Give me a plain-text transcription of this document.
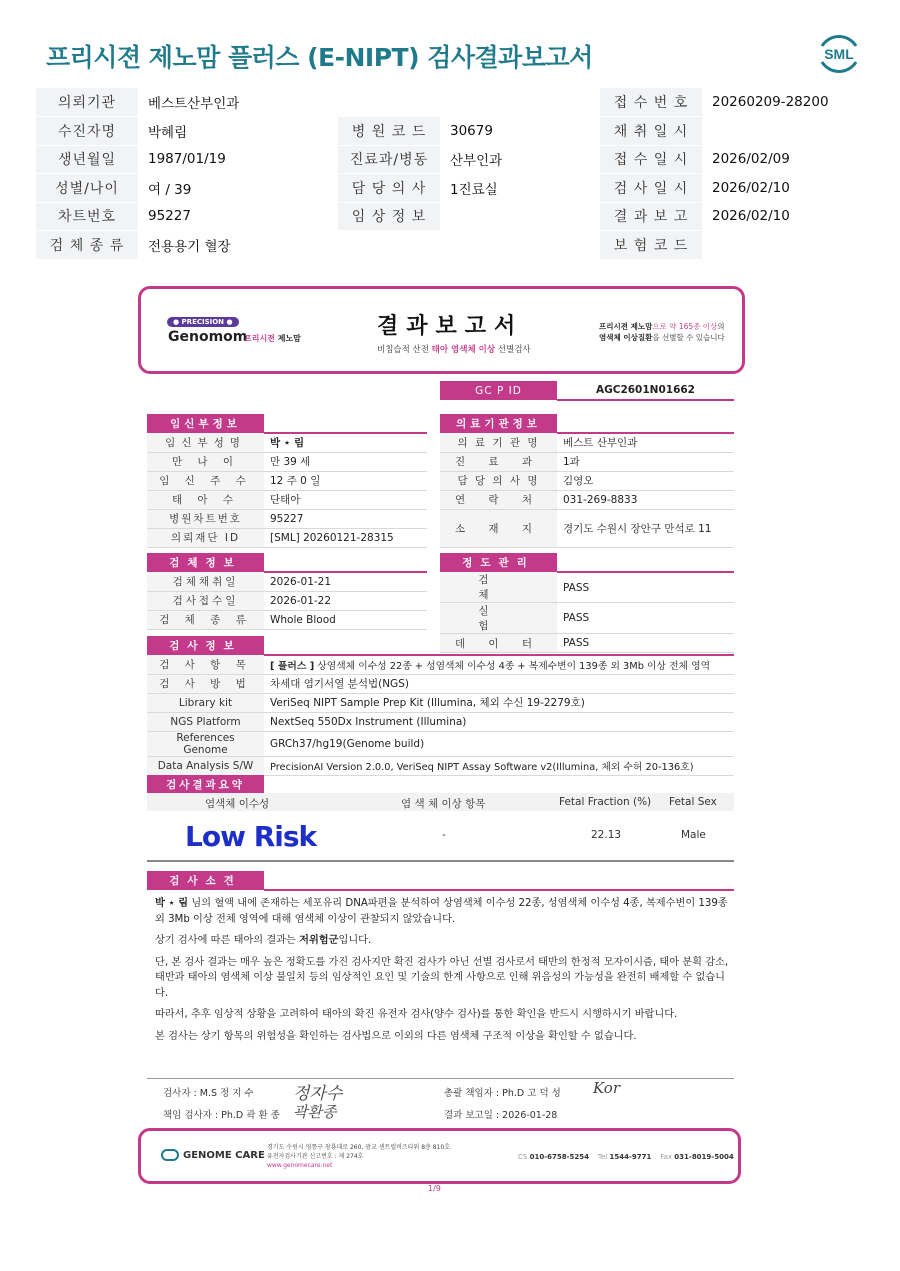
프리시젼 제노맘 플러스 (E-NIPT) 검사결과보고서	SML
의뢰기관	베스트산부인과			접 수 번 호	20260209-28200
수진자명	박혜림	병 원 코 드	30679	채 취 일 시	
생년월일	1987/01/19	진료과/병동	산부인과	접 수 일 시	2026/02/09
성별/나이	여 / 39	담 당 의 사	1진료실	검 사 일 시	2026/02/10
차트번호	95227	임 상 정 보		결 과 보 고	2026/02/10
검 체 종 류	전용용기 혈장			보 험 코 드	
● PRECISION ●
Genomom
프리시젼 제노맘	결과보고서
비침습적 산전 태아 염색체 이상 선별검사
프리시젼 제노맘으로 약 165종 이상의
염색체 이상질환을 선별할 수 있습니다
GC P ID	AGC2601N01662
임신부정보	
임신부성명	박 ⋆ 림
만 나 이	만 39 세
임 신 주 수	12 주 0 일
태 아 수	단태아
병원차트번호	95227
의뢰재단 ID	[SML] 20260121-28315
의료기관정보	
의 료 기 관 명	베스트 산부인과
진 료 과	1과
담 당 의 사 명	김영오
연 락 처	031-269-8833
소 재 지	경기도 수원시 장안구 만석로 11
검체정보	
검체채취일	2026-01-21
검사접수일	2026-01-22
검 체 종 류	Whole Blood
정도관리	
검 체	PASS
실 험	PASS
데 이 터	PASS
검사정보	
검 사 항 목	[ 플러스 ] 상염색체 이수성 22종 + 성염색체 이수성 4종 + 복제수변이 139종 외 3Mb 이상 전체 영역
검 사 방 법	차세대 염기서열 분석법(NGS)
Library kit	VeriSeq NIPT Sample Prep Kit (Illumina, 체외 수신 19-2279호)
NGS Platform	NextSeq 550Dx Instrument (Illumina)
References Genome	GRCh37/hg19(Genome build)
Data Analysis S/W	PrecisionAI Version 2.0.0, VeriSeq NIPT Assay Software v2(Illumina, 체외 수허 20-136호)
검사결과요약	
염색체 이수성	염 색 체 이상 항목	Fetal Fraction (%) Fetal Sex
Low Risk	-	22.13	Male
검사소견	

박 ⋆ 림 님의 혈액 내에 존재하는 세포유리 DNA파편을 분석하여 상염색체 이수성 22종, 성염색체 이수성 4종, 복제수변이 139종 외 3Mb 이상 전체 영역에 대해 염색체 이상이 관찰되지 않았습니다.

상기 검사에 따른 태아의 결과는 저위험군입니다.

단, 본 검사 결과는 매우 높은 정확도를 가진 검사지만 확진 검사가 아닌 선별 검사로서 태반의 한정적 모자이시즘, 태아 분획 감소, 태반과 태아의 염색체 이상 불일치 등의 임상적인 요인 및 기술의 한계 사항으로 인해 위음성의 가능성을 완전히 배제할 수 없습니다.

따라서, 추후 임상적 상황을 고려하여 태아의 확진 유전자 검사(양수 검사)를 통한 확인을 반드시 시행하시기 바랍니다.

본 검사는 상기 항목의 위험성을 확인하는 검사법으로 이외의 다른 염색체 구조적 이상을 확인할 수 없습니다.

검사자 : M.S 정 지 수 정자수	총괄 책임자 : Ph.D 고 덕 성 Kor
책임 검사자 : Ph.D 곽 환 종 곽환종	결과 보고일 : 2026-01-28
GENOME CARE
경기도 수원시 영통구 창룡대로 260, 광교 센트럴비즈타워 8층 810호
유전자검사기관 신고번호 : 제 274호
www.genomecare.net
CS 010-6758-5254 Tel 1544-9771 Fax 031-8019-5004
1/9
